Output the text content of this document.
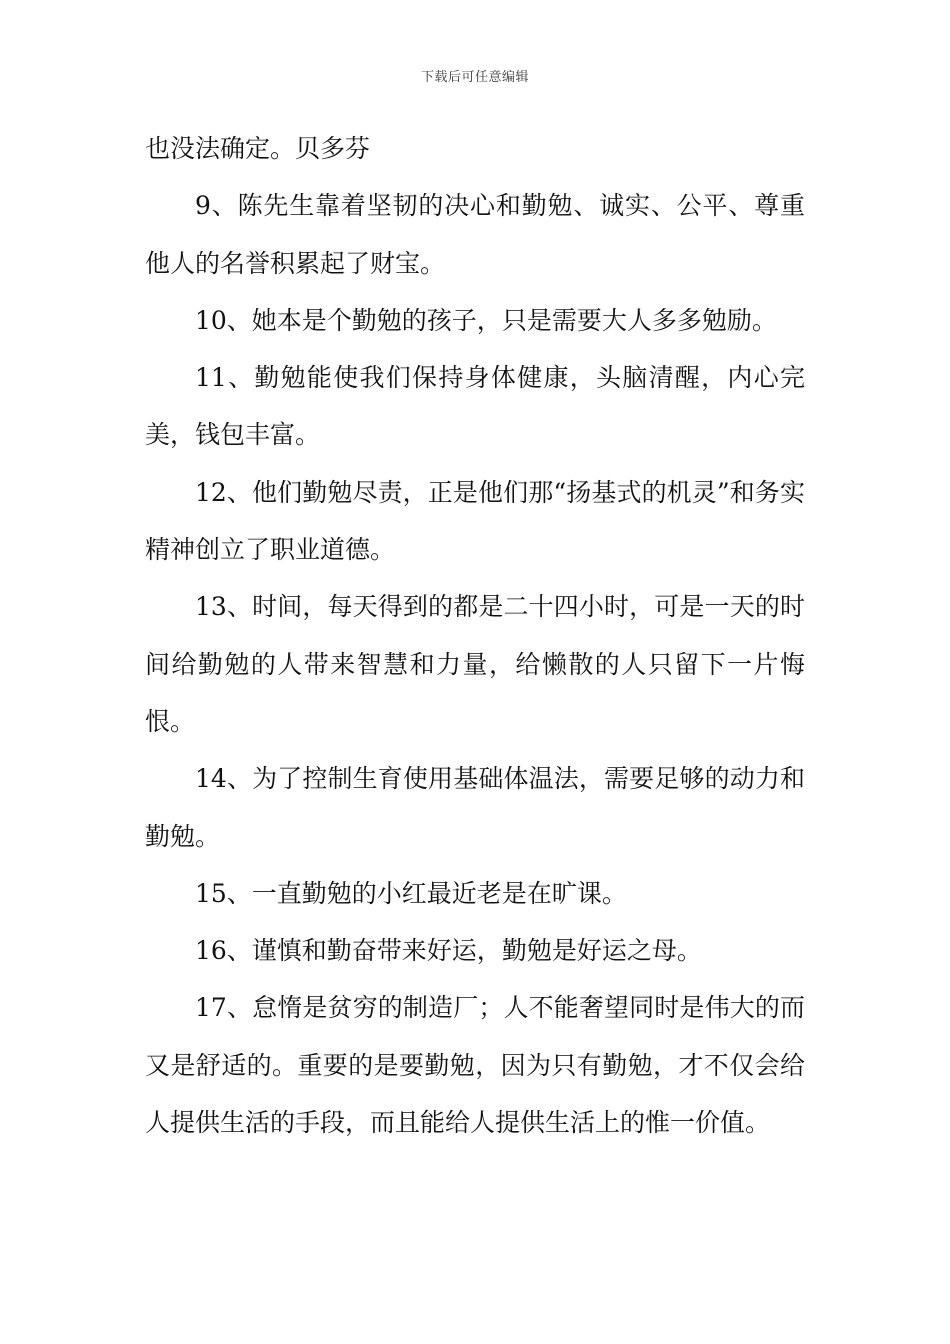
下载后可任意编辑

也没法确定。贝多芬

9、陈先生靠着坚韧的决心和勤勉、诚实、公平、尊重他人的名誉积累起了财宝。

10、她本是个勤勉的孩子，只是需要大人多多勉励。

11、勤勉能使我们保持身体健康，头脑清醒，内心完美，钱包丰富。

12、他们勤勉尽责，正是他们那“扬基式的机灵”和务实精神创立了职业道德。

13、时间，每天得到的都是二十四小时，可是一天的时间给勤勉的人带来智慧和力量，给懒散的人只留下一片悔恨。

14、为了控制生育使用基础体温法，需要足够的动力和勤勉。

15、一直勤勉的小红最近老是在旷课。

16、谨慎和勤奋带来好运，勤勉是好运之母。

17、怠惰是贫穷的制造厂；人不能奢望同时是伟大的而又是舒适的。重要的是要勤勉，因为只有勤勉，才不仅会给人提供生活的手段，而且能给人提供生活上的惟一价值。
